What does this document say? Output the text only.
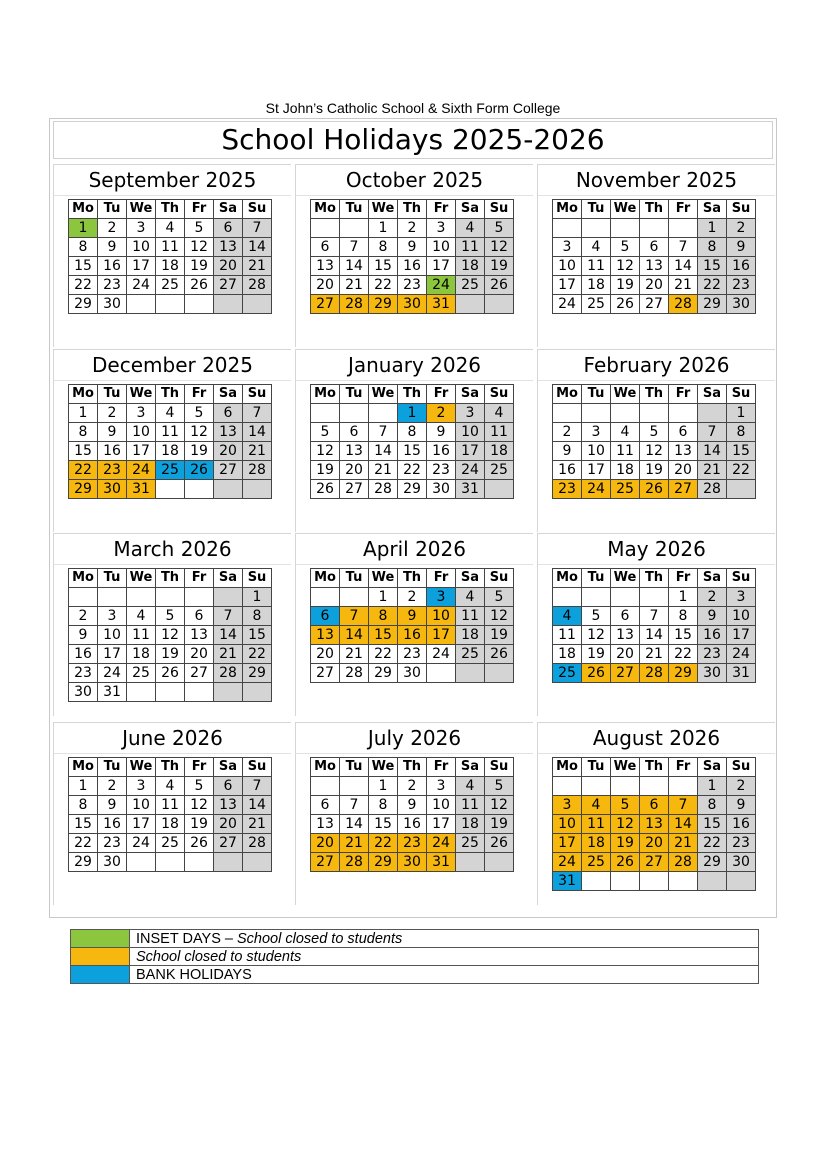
St John’s Catholic School & Sixth Form College
School Holidays 2025-2026
September 2025
Mo	Tu	We	Th	Fr	Sa	Su
1	2	3	4	5	6	7
8	9	10	11	12	13	14
15	16	17	18	19	20	21
22	23	24	25	26	27	28
29	30					
October 2025
Mo	Tu	We	Th	Fr	Sa	Su
		1	2	3	4	5
6	7	8	9	10	11	12
13	14	15	16	17	18	19
20	21	22	23	24	25	26
27	28	29	30	31		
November 2025
Mo	Tu	We	Th	Fr	Sa	Su
					1	2
3	4	5	6	7	8	9
10	11	12	13	14	15	16
17	18	19	20	21	22	23
24	25	26	27	28	29	30
December 2025
Mo	Tu	We	Th	Fr	Sa	Su
1	2	3	4	5	6	7
8	9	10	11	12	13	14
15	16	17	18	19	20	21
22	23	24	25	26	27	28
29	30	31				
January 2026
Mo	Tu	We	Th	Fr	Sa	Su
			1	2	3	4
5	6	7	8	9	10	11
12	13	14	15	16	17	18
19	20	21	22	23	24	25
26	27	28	29	30	31	
February 2026
Mo	Tu	We	Th	Fr	Sa	Su
						1
2	3	4	5	6	7	8
9	10	11	12	13	14	15
16	17	18	19	20	21	22
23	24	25	26	27	28	
March 2026
Mo	Tu	We	Th	Fr	Sa	Su
						1
2	3	4	5	6	7	8
9	10	11	12	13	14	15
16	17	18	19	20	21	22
23	24	25	26	27	28	29
30	31					
April 2026
Mo	Tu	We	Th	Fr	Sa	Su
		1	2	3	4	5
6	7	8	9	10	11	12
13	14	15	16	17	18	19
20	21	22	23	24	25	26
27	28	29	30			
May 2026
Mo	Tu	We	Th	Fr	Sa	Su
				1	2	3
4	5	6	7	8	9	10
11	12	13	14	15	16	17
18	19	20	21	22	23	24
25	26	27	28	29	30	31
June 2026
Mo	Tu	We	Th	Fr	Sa	Su
1	2	3	4	5	6	7
8	9	10	11	12	13	14
15	16	17	18	19	20	21
22	23	24	25	26	27	28
29	30					
July 2026
Mo	Tu	We	Th	Fr	Sa	Su
		1	2	3	4	5
6	7	8	9	10	11	12
13	14	15	16	17	18	19
20	21	22	23	24	25	26
27	28	29	30	31		
August 2026
Mo	Tu	We	Th	Fr	Sa	Su
					1	2
3	4	5	6	7	8	9
10	11	12	13	14	15	16
17	18	19	20	21	22	23
24	25	26	27	28	29	30
31						
	INSET DAYS – School closed to students
	School closed to students
	BANK HOLIDAYS
